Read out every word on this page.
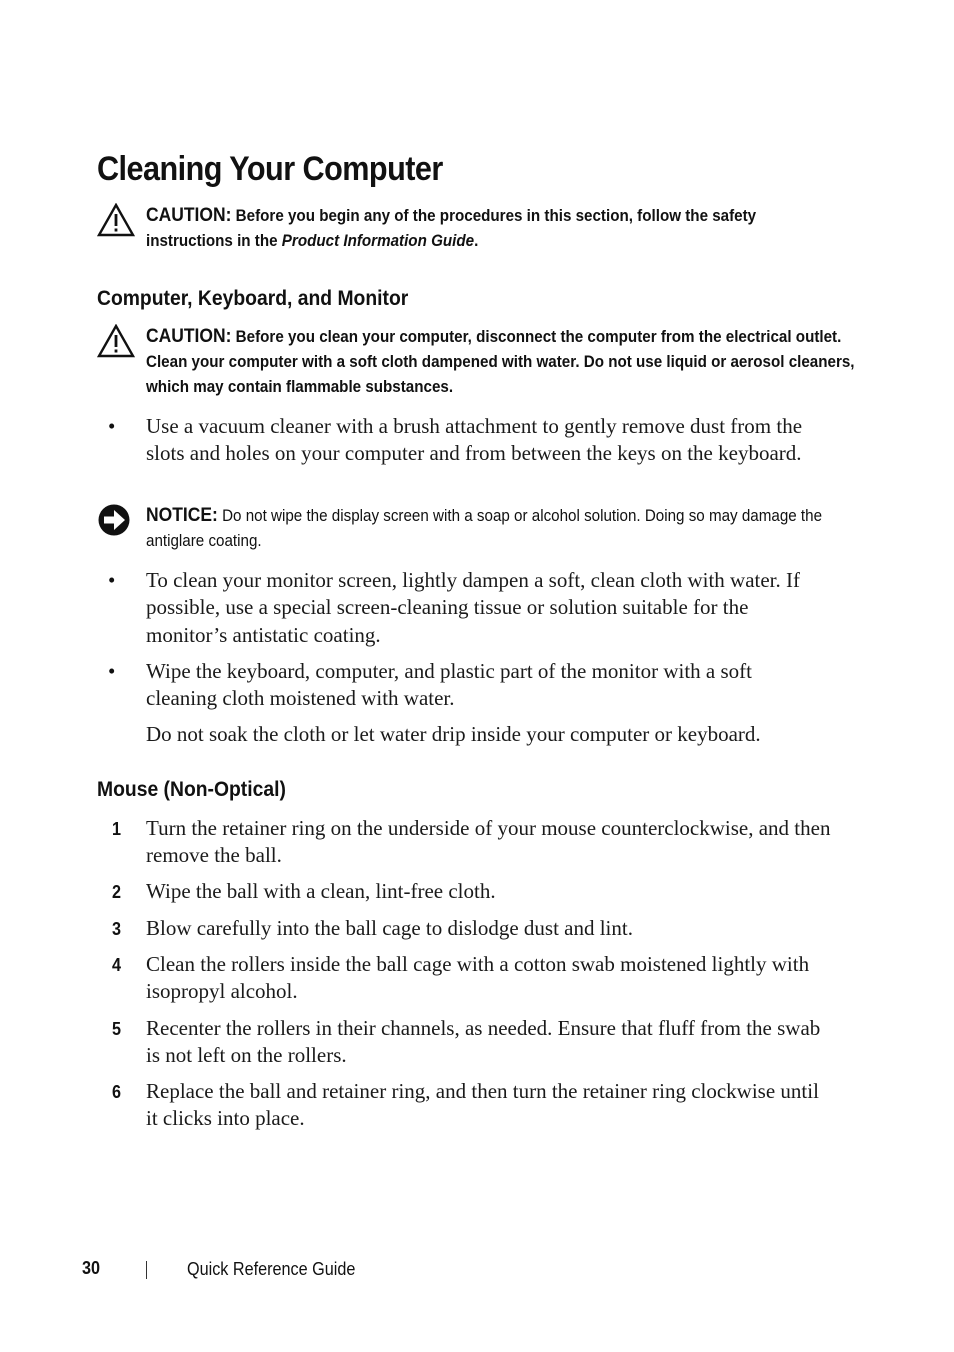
Cleaning Your Computer
CAUTION: Before you begin any of the procedures in this section, follow the safety instructions in the Product Information Guide.
Computer, Keyboard, and Monitor
CAUTION: Before you clean your computer, disconnect the computer from the electrical outlet. Clean your computer with a soft cloth dampened with water. Do not use liquid or aerosol cleaners, which may contain flammable substances.
• Use a vacuum cleaner with a brush attachment to gently remove dust from the slots and holes on your computer and from between the keys on the keyboard.
NOTICE: Do not wipe the display screen with a soap or alcohol solution. Doing so may damage the antiglare coating.
• To clean your monitor screen, lightly dampen a soft, clean cloth with water. If possible, use a special screen-cleaning tissue or solution suitable for the monitor’s antistatic coating.
• Wipe the keyboard, computer, and plastic part of the monitor with a soft cleaning cloth moistened with water.
Do not soak the cloth or let water drip inside your computer or keyboard.
Mouse (Non-Optical)
1 Turn the retainer ring on the underside of your mouse counterclockwise, and then remove the ball.
2 Wipe the ball with a clean, lint-free cloth.
3 Blow carefully into the ball cage to dislodge dust and lint.
4 Clean the rollers inside the ball cage with a cotton swab moistened lightly with isopropyl alcohol.
5 Recenter the rollers in their channels, as needed. Ensure that fluff from the swab is not left on the rollers.
6 Replace the ball and retainer ring, and then turn the retainer ring clockwise until it clicks into place.
30	Quick Reference Guide
